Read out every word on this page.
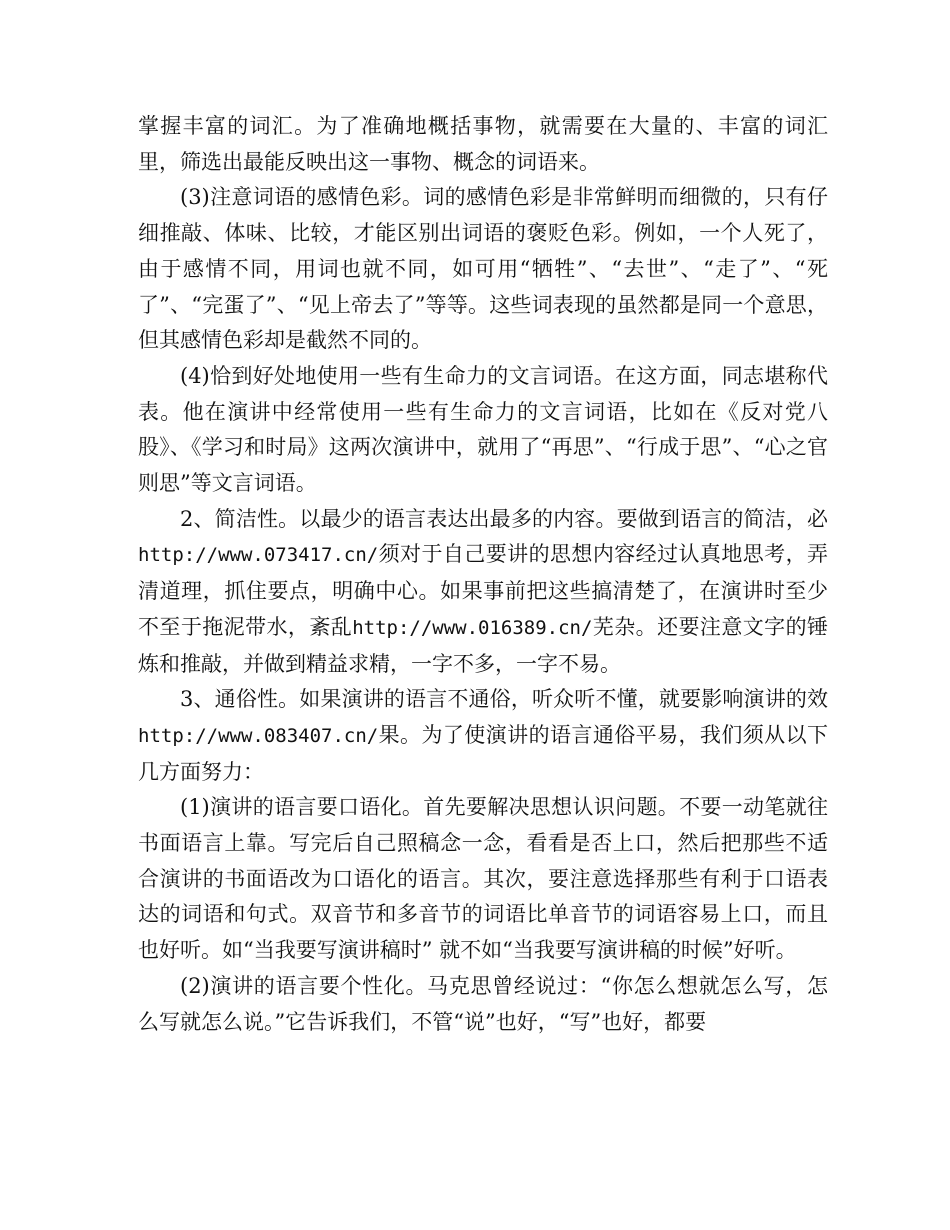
掌握丰富的词汇。为了准确地概括事物，就需要在大量的、丰富的词汇里，筛选出最能反映出这一事物、概念的词语来。

(3)注意词语的感情色彩。词的感情色彩是非常鲜明而细微的，只有仔细推敲、体味、比较，才能区别出词语的褒贬色彩。例如，一个人死了，由于感情不同，用词也就不同，如可用“牺牲”、“去世”、“走了”、“死了”、“完蛋了”、“见上帝去了”等等。这些词表现的虽然都是同一个意思，但其感情色彩却是截然不同的。

(4)恰到好处地使用一些有生命力的文言词语。在这方面，同志堪称代表。他在演讲中经常使用一些有生命力的文言词语，比如在《反对党八股》、《学习和时局》这两次演讲中，就用了“再思”、“行成于思”、“心之官则思”等文言词语。

2、简洁性。以最少的语言表达出最多的内容。要做到语言的简洁，必http://www.073417.cn/须对于自己要讲的思想内容经过认真地思考，弄清道理，抓住要点，明确中心。如果事前把这些搞清楚了，在演讲时至少不至于拖泥带水，紊乱http://www.016389.cn/芜杂。还要注意文字的锤炼和推敲，并做到精益求精，一字不多，一字不易。

3、通俗性。如果演讲的语言不通俗，听众听不懂，就要影响演讲的效http://www.083407.cn/果。为了使演讲的语言通俗平易，我们须从以下几方面努力：

(1)演讲的语言要口语化。首先要解决思想认识问题。不要一动笔就往书面语言上靠。写完后自己照稿念一念，看看是否上口，然后把那些不适合演讲的书面语改为口语化的语言。其次，要注意选择那些有利于口语表达的词语和句式。双音节和多音节的词语比单音节的词语容易上口，而且也好听。如“当我要写演讲稿时” 就不如“当我要写演讲稿的时候”好听。

(2)演讲的语言要个性化。马克思曾经说过：“你怎么想就怎么写，怎么写就怎么说。”它告诉我们，不管“说”也好，“写”也好，都要
